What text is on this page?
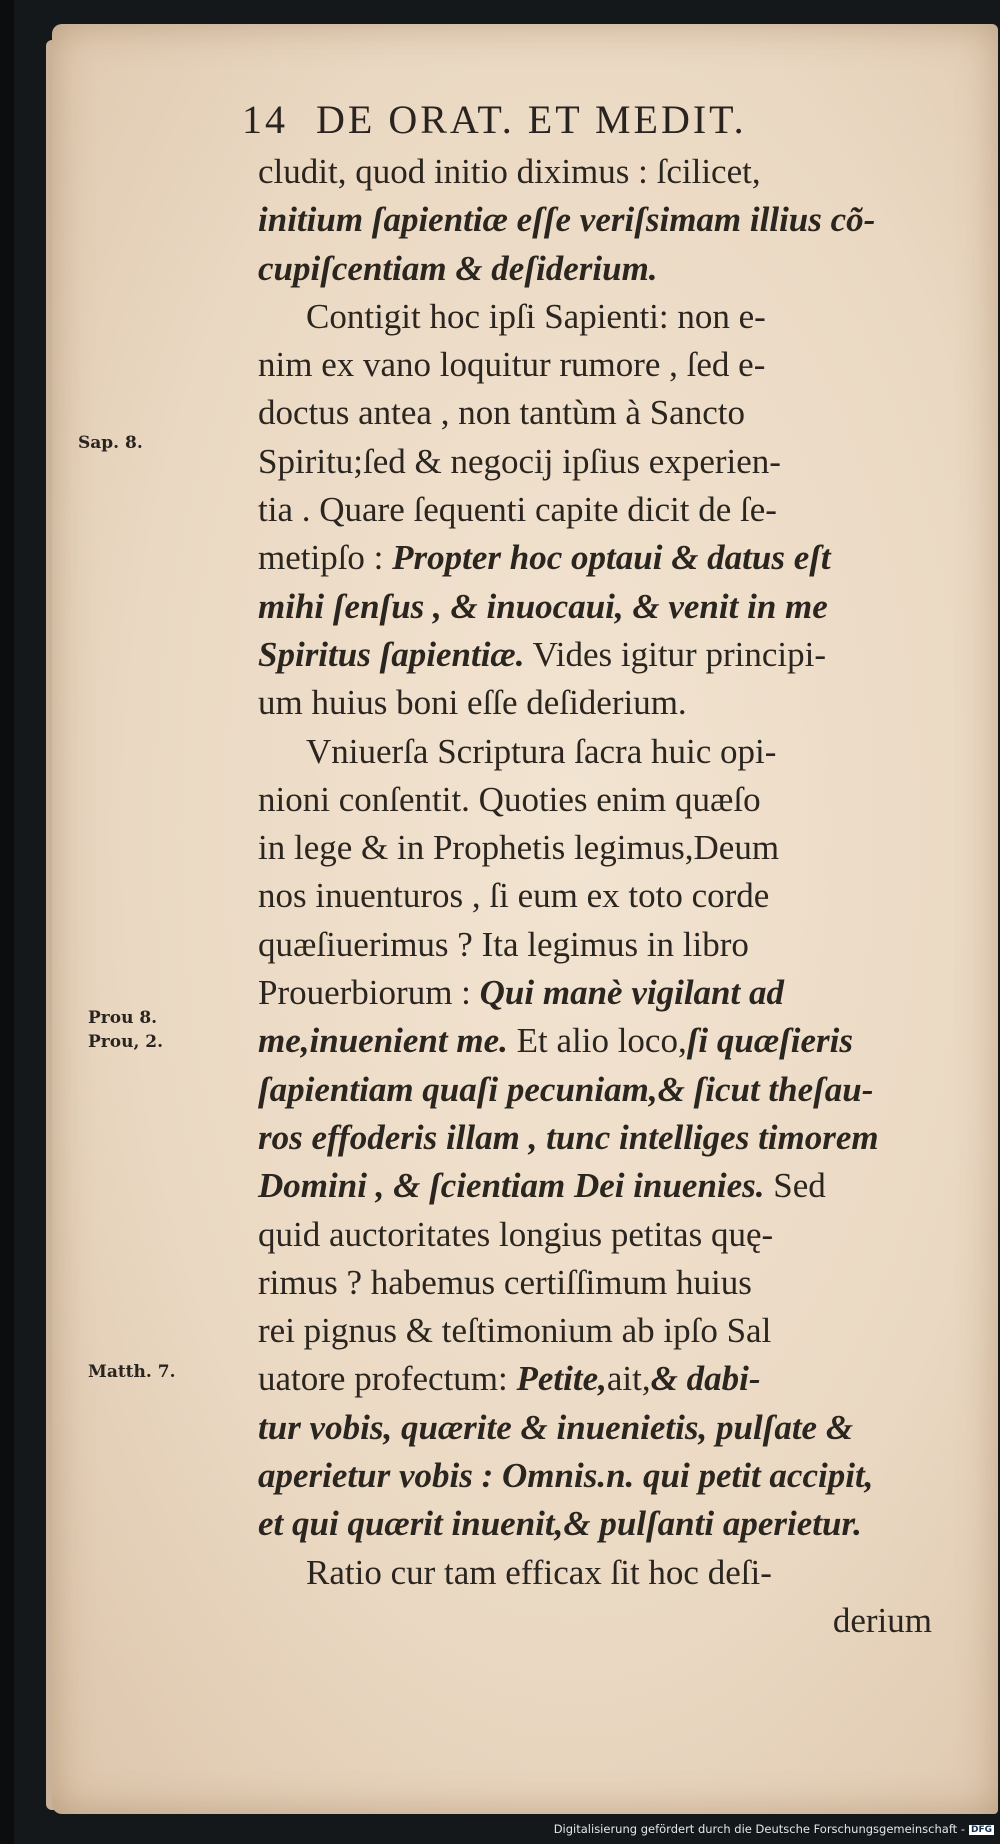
14 DE ORAT. ET MEDIT.
cludit, quod initio diximus : ſcilicet,
initium ſapientiæ eſſe veriſsimam illius cõ-
cupiſcentiam & deſiderium.
Contigit hoc ipſi Sapienti: non e-
nim ex vano loquitur rumore , ſed e-
doctus antea , non tantùm à Sancto
Spiritu;ſed & negocij ipſius experien-
tia . Quare ſequenti capite dicit de ſe-
metipſo : Propter hoc optaui & datus eſt
mihi ſenſus , & inuocaui, & venit in me
Spiritus ſapientiæ. Vides igitur principi-
um huius boni eſſe deſiderium.
Vniuerſa Scriptura ſacra huic opi-
nioni conſentit. Quoties enim quæſo
in lege & in Prophetis legimus,Deum
nos inuenturos , ſi eum ex toto corde
quæſiuerimus ? Ita legimus in libro
Prouerbiorum : Qui manè vigilant ad
me,inuenient me. Et alio loco,ſi quæſieris
ſapientiam quaſi pecuniam,& ſicut theſau-
ros effoderis illam , tunc intelliges timorem
Domini , & ſcientiam Dei inuenies. Sed
quid auctoritates longius petitas quę-
rimus ? habemus certiſſimum huius
rei pignus & teſtimonium ab ipſo Sal
uatore profectum: Petite,ait,& dabi-
tur vobis, quærite & inuenietis, pulſate &
aperietur vobis : Omnis.n. qui petit accipit,
et qui quærit inuenit,& pulſanti aperietur.
Ratio cur tam efficax ſit hoc deſi-
derium
Sap. 8.
Prou 8.
Prou, 2.
Matth. 7.
Digitalisierung gefördert durch die Deutsche Forschungsgemeinschaft - DFG
